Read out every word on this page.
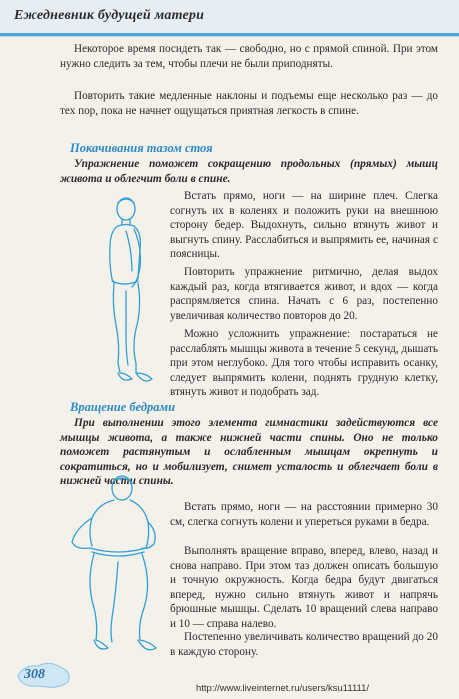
Ежедневник будущей матери

Некоторое время посидеть так — свободно, но с прямой спиной. При этом нужно следить за тем, чтобы плечи не были приподняты.

Повторить такие медленные наклоны и подъемы еще несколько раз — до тех пор, пока не начнет ощущаться приятная легкость в спине.

Покачивания тазом стоя

Упражнение поможет сокращению продольных (прямых) мышц живота и облегчит боли в спине.

Встать прямо, ноги — на ширине плеч. Слегка согнуть их в коленях и положить руки на внешнюю сторону бедер. Выдохнуть, сильно втянуть живот и выгнуть спину. Расслабиться и выпрямить ее, начиная с поясницы.

Повторить упражнение ритмично, делая выдох каждый раз, когда втягивается живот, и вдох — когда распрямляется спина. Начать с 6 раз, постепенно увеличивая количество повторов до 20.

Можно усложнить упражнение: постараться не расслаблять мышцы живота в течение 5 секунд, дышать при этом неглубоко. Для того чтобы исправить осанку, следует выпрямить колени, поднять грудную клетку, втянуть живот и подобрать зад.

Вращение бедрами

При выполнении этого элемента гимнастики задействуются все мышцы живота, а также нижней части спины. Оно не только поможет растянутым и ослабленным мышцам окрепнуть и сократиться, но и мобилизует, снимет усталость и облегчает боли в нижней части спины.

Встать прямо, ноги — на расстоянии примерно 30 см, слегка согнуть колени и упереться руками в бедра.

Выполнять вращение вправо, вперед, влево, назад и снова направо. При этом таз должен описать большую и точную окружность. Когда бедра будут двигаться вперед, нужно сильно втянуть живот и напрячь брюшные мышцы. Сделать 10 вращений слева направо и 10 — справа налево.

Постепенно увеличивать количество вращений до 20 в каждую сторону.

308
http://www.liveinternet.ru/users/ksu11111/
